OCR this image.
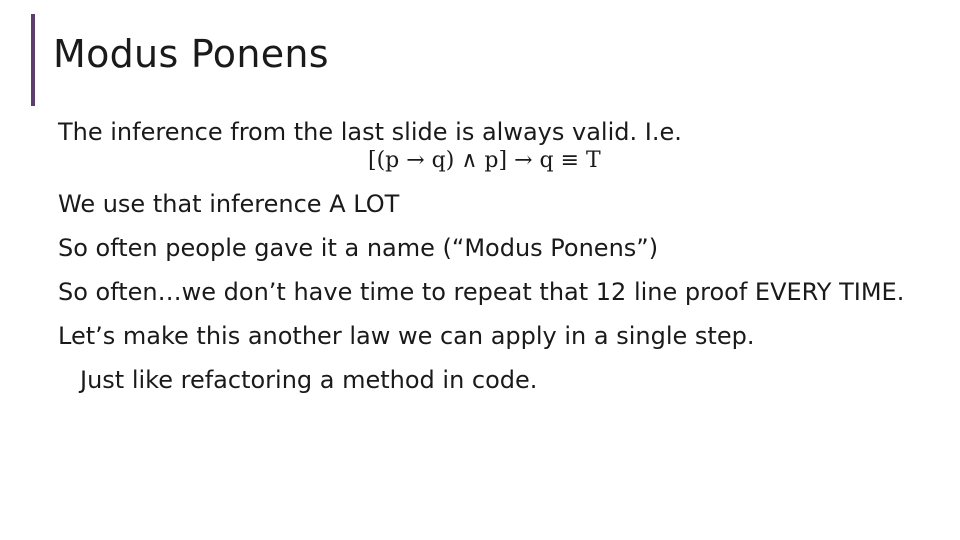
Modus Ponens
The inference from the last slide is always valid. I.e.
[(p → q) ∧ p] → q ≡ T
We use that inference A LOT
So often people gave it a name (“Modus Ponens”)
So often…we don’t have time to repeat that 12 line proof EVERY TIME.
Let’s make this another law we can apply in a single step.
Just like refactoring a method in code.
